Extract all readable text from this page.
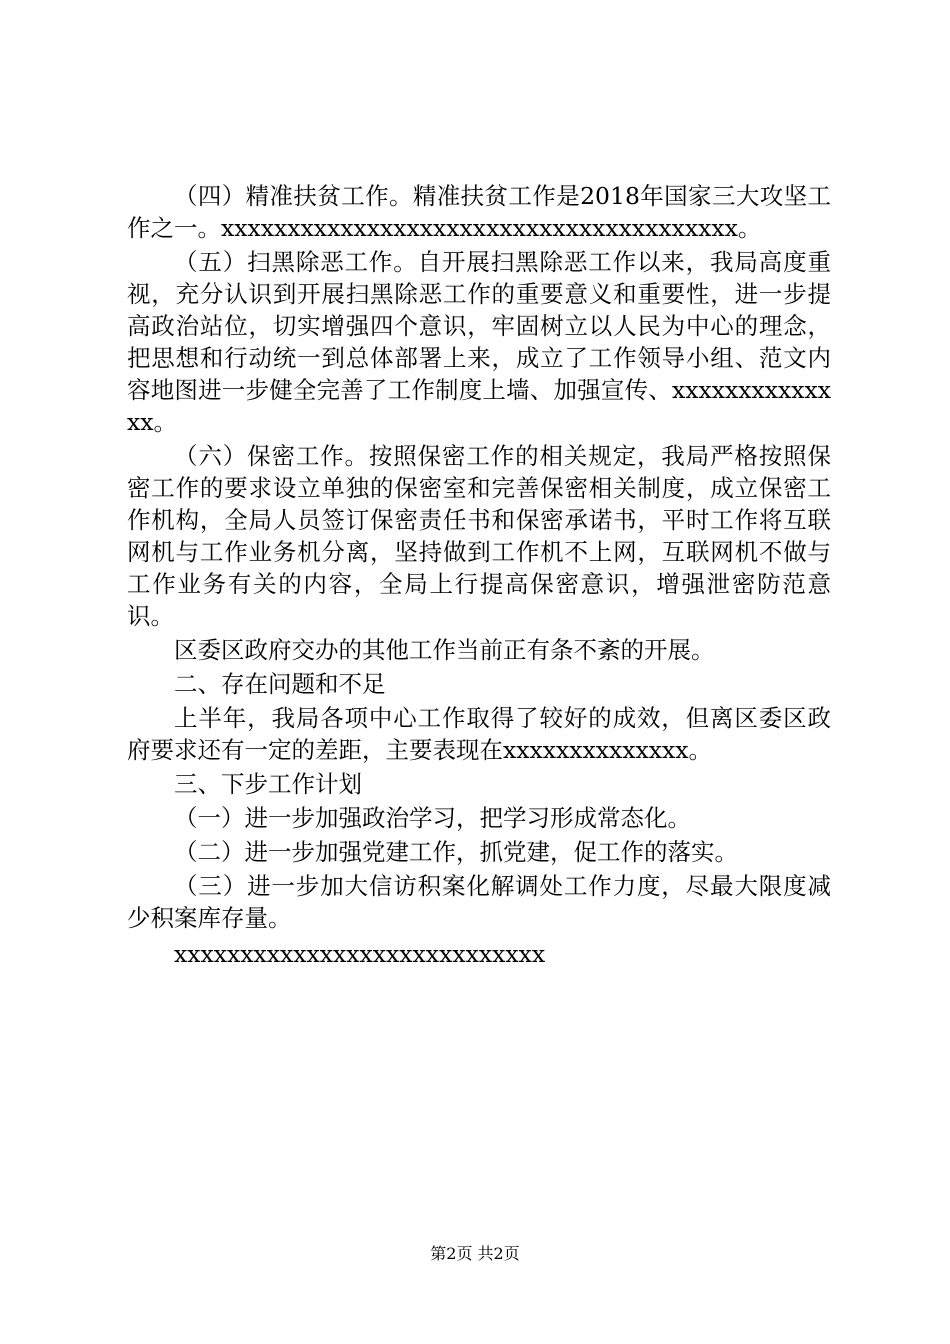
（四）精准扶贫工作。精准扶贫工作是2018年国家三大攻坚工作之一。xxxxxxxxxxxxxxxxxxxxxxxxxxxxxxxxxxxxxxx。

（五）扫黑除恶工作。自开展扫黑除恶工作以来，我局高度重视，充分认识到开展扫黑除恶工作的重要意义和重要性，进一步提高政治站位，切实增强四个意识，牢固树立以人民为中心的理念，把思想和行动统一到总体部署上来，成立了工作领导小组、范文内容地图进一步健全完善了工作制度上墙、加强宣传、xxxxxxxxxxxxxx。

（六）保密工作。按照保密工作的相关规定，我局严格按照保密工作的要求设立单独的保密室和完善保密相关制度，成立保密工作机构，全局人员签订保密责任书和保密承诺书，平时工作将互联网机与工作业务机分离，坚持做到工作机不上网，互联网机不做与工作业务有关的内容，全局上行提高保密意识，增强泄密防范意识。

区委区政府交办的其他工作当前正有条不紊的开展。

二、存在问题和不足

上半年，我局各项中心工作取得了较好的成效，但离区委区政府要求还有一定的差距，主要表现在xxxxxxxxxxxxxx。

三、下步工作计划

（一）进一步加强政治学习，把学习形成常态化。

（二）进一步加强党建工作，抓党建，促工作的落实。

（三）进一步加大信访积案化解调处工作力度，尽最大限度减少积案库存量。

xxxxxxxxxxxxxxxxxxxxxxxxxxxx

第2页 共2页
